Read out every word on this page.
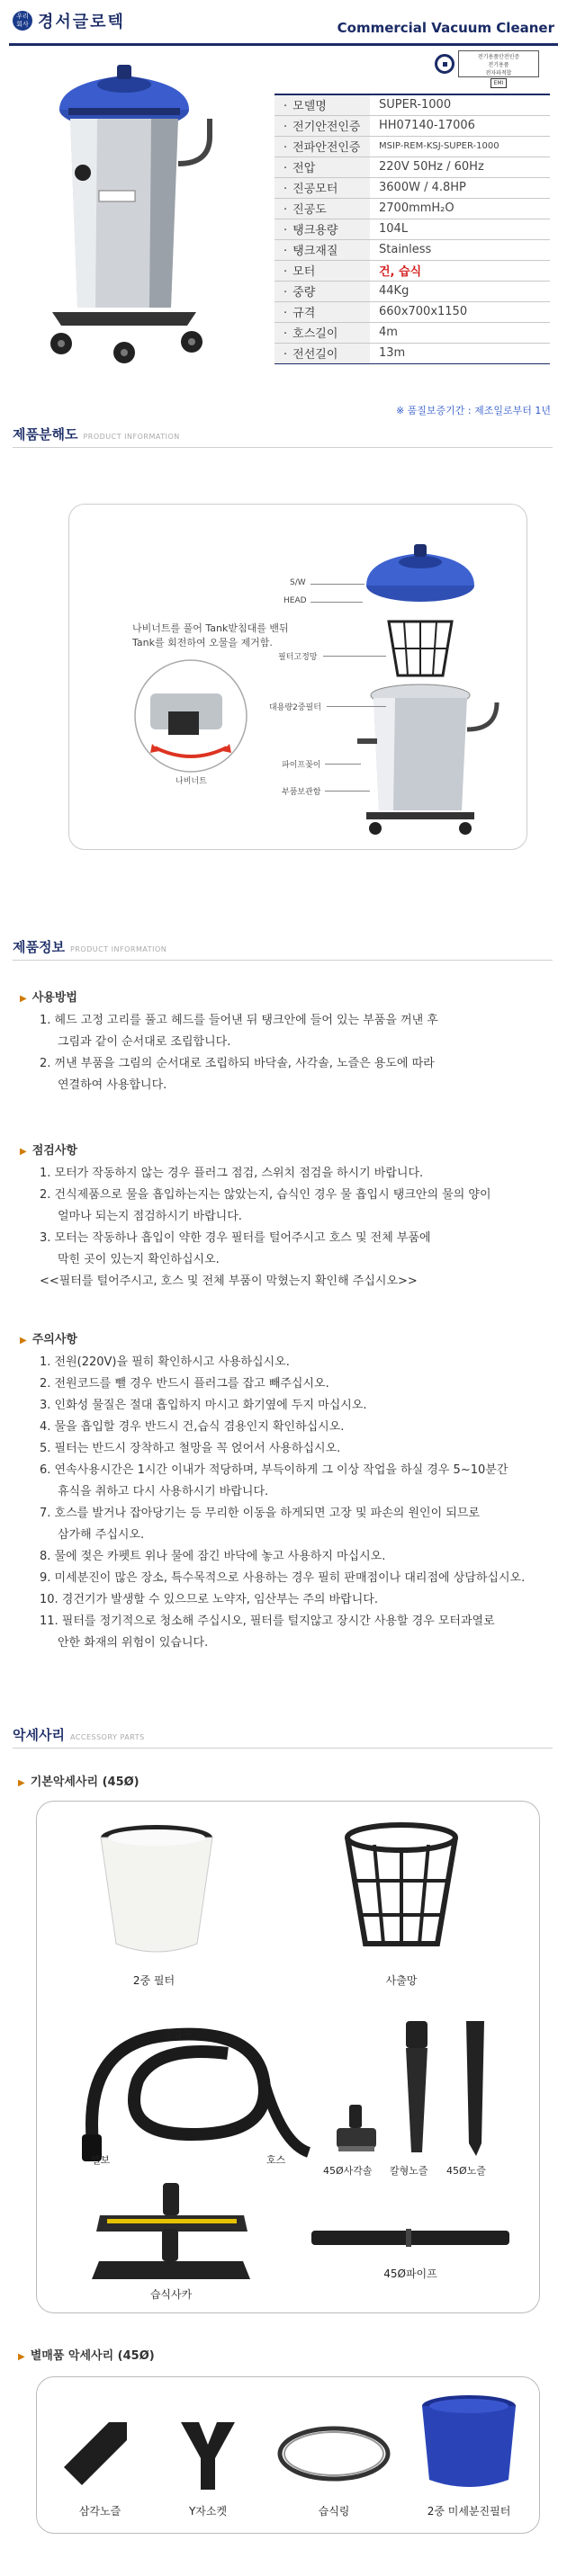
우리
회사 경서글로텍	Commercial Vacuum Cleaner
전기용품안전인증
전기용품
전자파적합
EMI
· 모델명	SUPER-1000
· 전기안전인증	HH07140-17006
· 전파안전인증	MSIP-REM-KSJ-SUPER-1000
· 전압	220V 50Hz / 60Hz
· 진공모터	3600W / 4.8HP
· 진공도	2700mmH₂O
· 탱크용량	104L
· 탱크재질	Stainless
· 모터	건, 습식
· 중량	44Kg
· 규격	660x700x1150
· 호스길이	4m
· 전선길이	13m
※ 품질보증기간 : 제조일로부터 1년
제품분해도 PRODUCT INFORMATION
나비너트를 풀어 Tank받침대를 밴뒤
Tank를 회전하여 오물을 제거함.
나비너트
S/W
HEAD
필터고정망
대용량2중필터
파이프꽂이
부품보관함
제품정보 PRODUCT INFORMATION
▶ 사용방법
1. 헤드 고정 고리를 풀고 헤드를 들어낸 뒤 탱크안에 들어 있는 부품을 꺼낸 후
그림과 같이 순서대로 조립합니다.
2. 꺼낸 부품을 그림의 순서대로 조립하되 바닥솔, 사각솔, 노즐은 용도에 따라
연결하여 사용합니다.
▶ 점검사항
1. 모터가 작동하지 않는 경우 플러그 점검, 스위치 점검을 하시기 바랍니다.
2. 건식제품으로 물을 흡입하는지는 않았는지, 습식인 경우 물 흡입시 탱크안의 물의 양이
얼마나 되는지 점검하시기 바랍니다.
3. 모터는 작동하나 흡입이 약한 경우 필터를 털어주시고 호스 및 전체 부품에
막힌 곳이 있는지 확인하십시오.
<<필터를 털어주시고, 호스 및 전체 부품이 막혔는지 확인해 주십시오>>
▶ 주의사항
1. 전원(220V)을 필히 확인하시고 사용하십시오.
2. 전원코드를 뺄 경우 반드시 플러그를 잡고 빼주십시오.
3. 인화성 물질은 절대 흡입하지 마시고 화기옆에 두지 마십시오.
4. 물을 흡입할 경우 반드시 건,습식 겸용인지 확인하십시오.
5. 필터는 반드시 장착하고 철망을 꼭 얹어서 사용하십시오.
6. 연속사용시간은 1시간 이내가 적당하며, 부득이하게 그 이상 작업을 하실 경우 5~10분간
휴식을 취하고 다시 사용하시기 바랍니다.
7. 호스를 발거나 잡아당기는 등 무리한 이동을 하게되면 고장 및 파손의 원인이 되므로
삼가해 주십시오.
8. 물에 젖은 카펫트 위나 물에 잠긴 바닥에 놓고 사용하지 마십시오.
9. 미세분진이 많은 장소, 특수목적으로 사용하는 경우 필히 판매점이나 대리점에 상담하십시오.
10. 경건기가 발생할 수 있으므로 노약자, 임산부는 주의 바랍니다.
11. 필터를 정기적으로 청소해 주십시오, 필터를 털지않고 장시간 사용할 경우 모터과열로
안한 화재의 위험이 있습니다.
악세사리 ACCESSORY PARTS
▶ 기본악세사리 (45Ø)
2중 필터	사출망
흡입구
엘보	호스
45Ø사각솔 칼형노즐 45Ø노즐
45Ø파이프
습식사카
▶ 별매품 악세사리 (45Ø)
삼각노즐	Y자소켓	습식링	2중 미세분진필터
